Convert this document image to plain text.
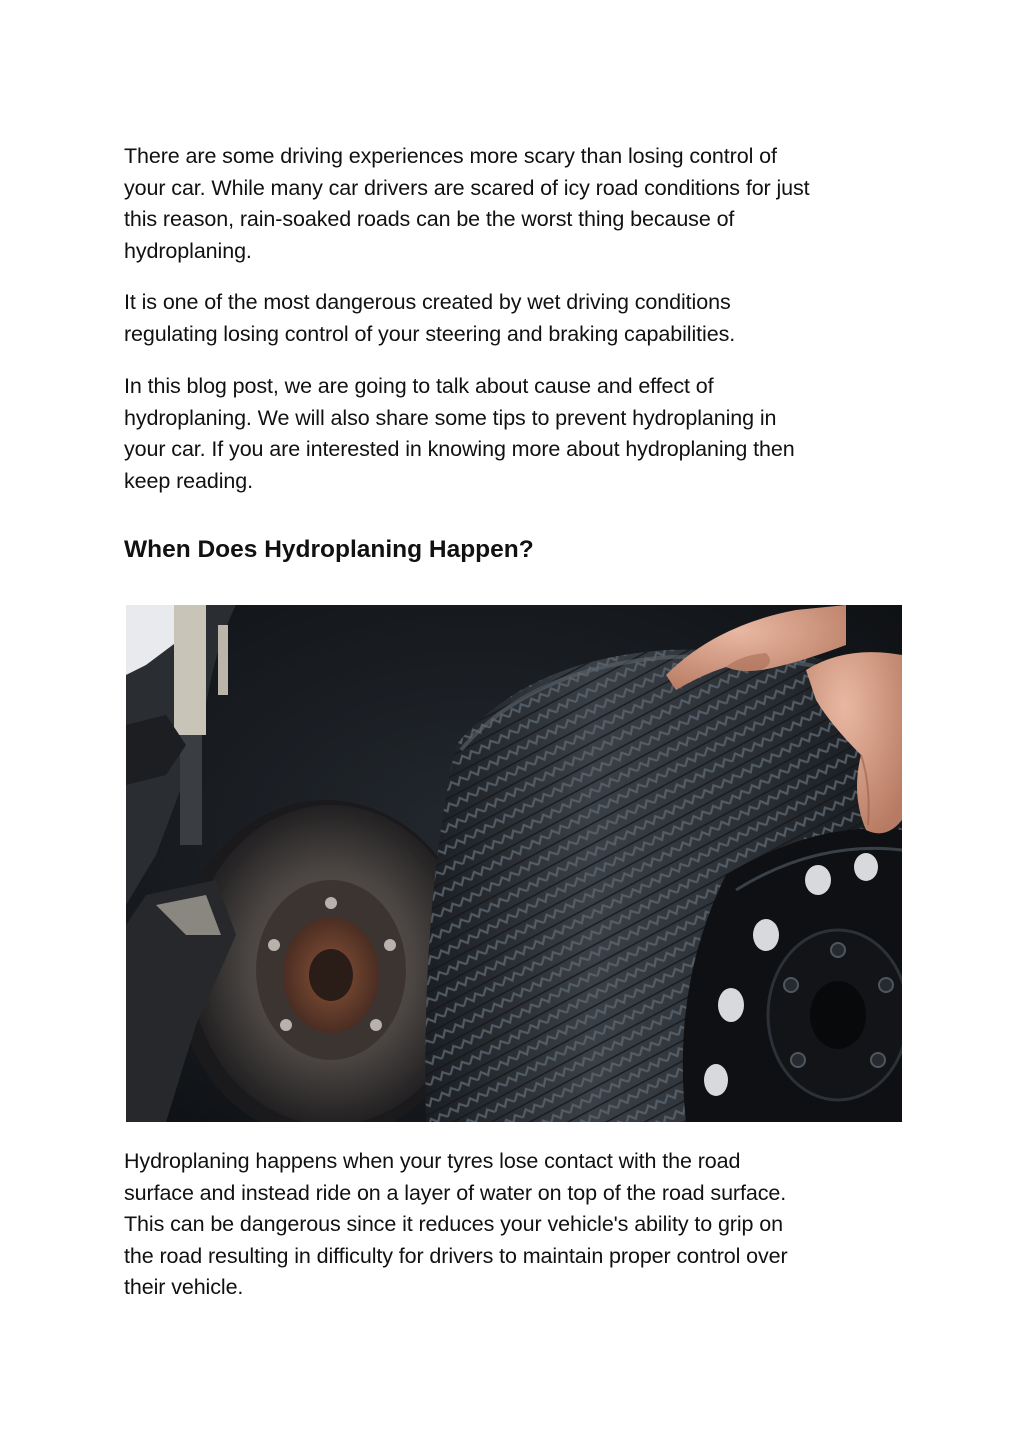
There are some driving experiences more scary than losing control of
your car. While many car drivers are scared of icy road conditions for just
this reason, rain-soaked roads can be the worst thing because of
hydroplaning.

It is one of the most dangerous created by wet driving conditions
regulating losing control of your steering and braking capabilities.

In this blog post, we are going to talk about cause and effect of
hydroplaning. We will also share some tips to prevent hydroplaning in
your car. If you are interested in knowing more about hydroplaning then
keep reading.

When Does Hydroplaning Happen?

Hydroplaning happens when your tyres lose contact with the road
surface and instead ride on a layer of water on top of the road surface.
This can be dangerous since it reduces your vehicle's ability to grip on
the road resulting in difficulty for drivers to maintain proper control over
their vehicle.
